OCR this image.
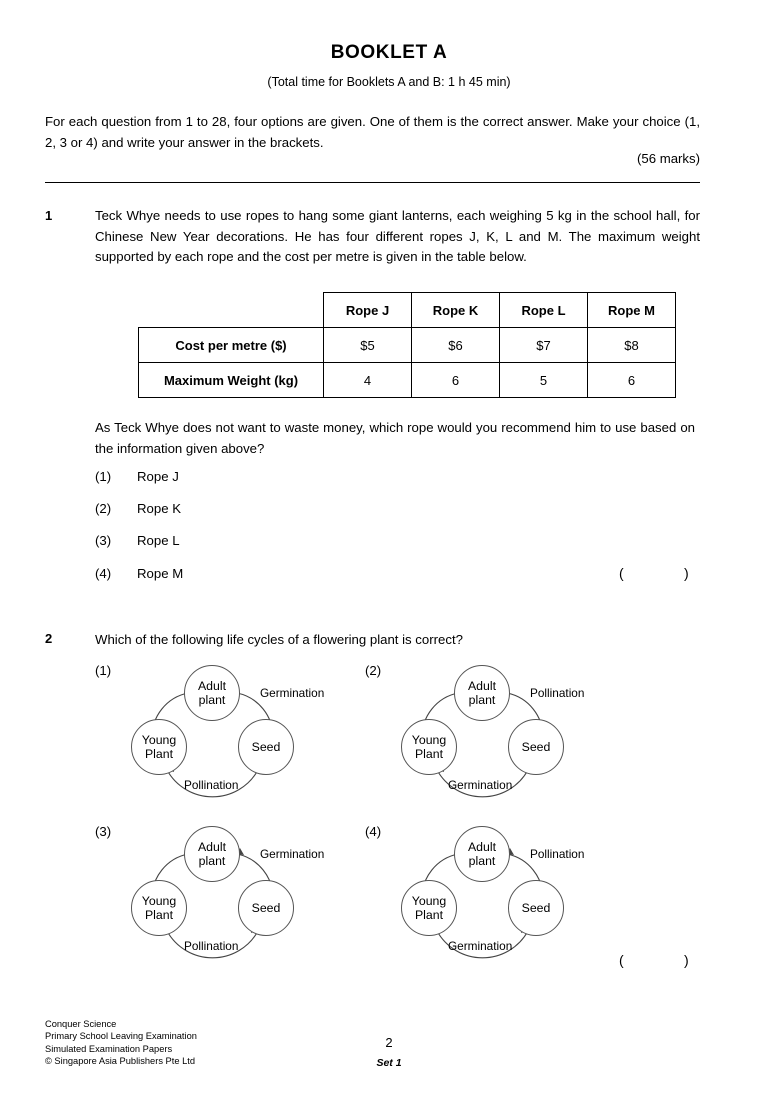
BOOKLET A
(Total time for Booklets A and B: 1 h 45 min)
For each question from 1 to 28, four options are given. One of them is the correct answer. Make your choice (1, 2, 3 or 4) and write your answer in the brackets.
(56 marks)
1	Teck Whye needs to use ropes to hang some giant lanterns, each weighing 5 kg in the school hall, for Chinese New Year decorations. He has four different ropes J, K, L and M. The maximum weight supported by each rope and the cost per metre is given in the table below.
	Rope J	Rope K	Rope L	Rope M
Cost per metre ($)	$5	$6	$7	$8
Maximum Weight (kg)	4	6	5	6
As Teck Whye does not want to waste money, which rope would you recommend him to use based on the information given above?
(1) Rope J
(2) Rope K
(3) Rope L
(4) Rope M	(	)
2	Which of the following life cycles of a flowering plant is correct?
(1)
Adult
plant
Seed
Young
Plant
Germination
Pollination
(2)
Adult
plant
Seed
Young
Plant
Pollination
Germination
(3)
Adult
plant
Seed
Young
Plant
Germination
Pollination
(4)
Adult
plant
Seed
Young
Plant
Pollination
Germination
(	)
Conquer Science
Primary School Leaving Examination
Simulated Examination Papers
© Singapore Asia Publishers Pte Ltd
2
Set 1
